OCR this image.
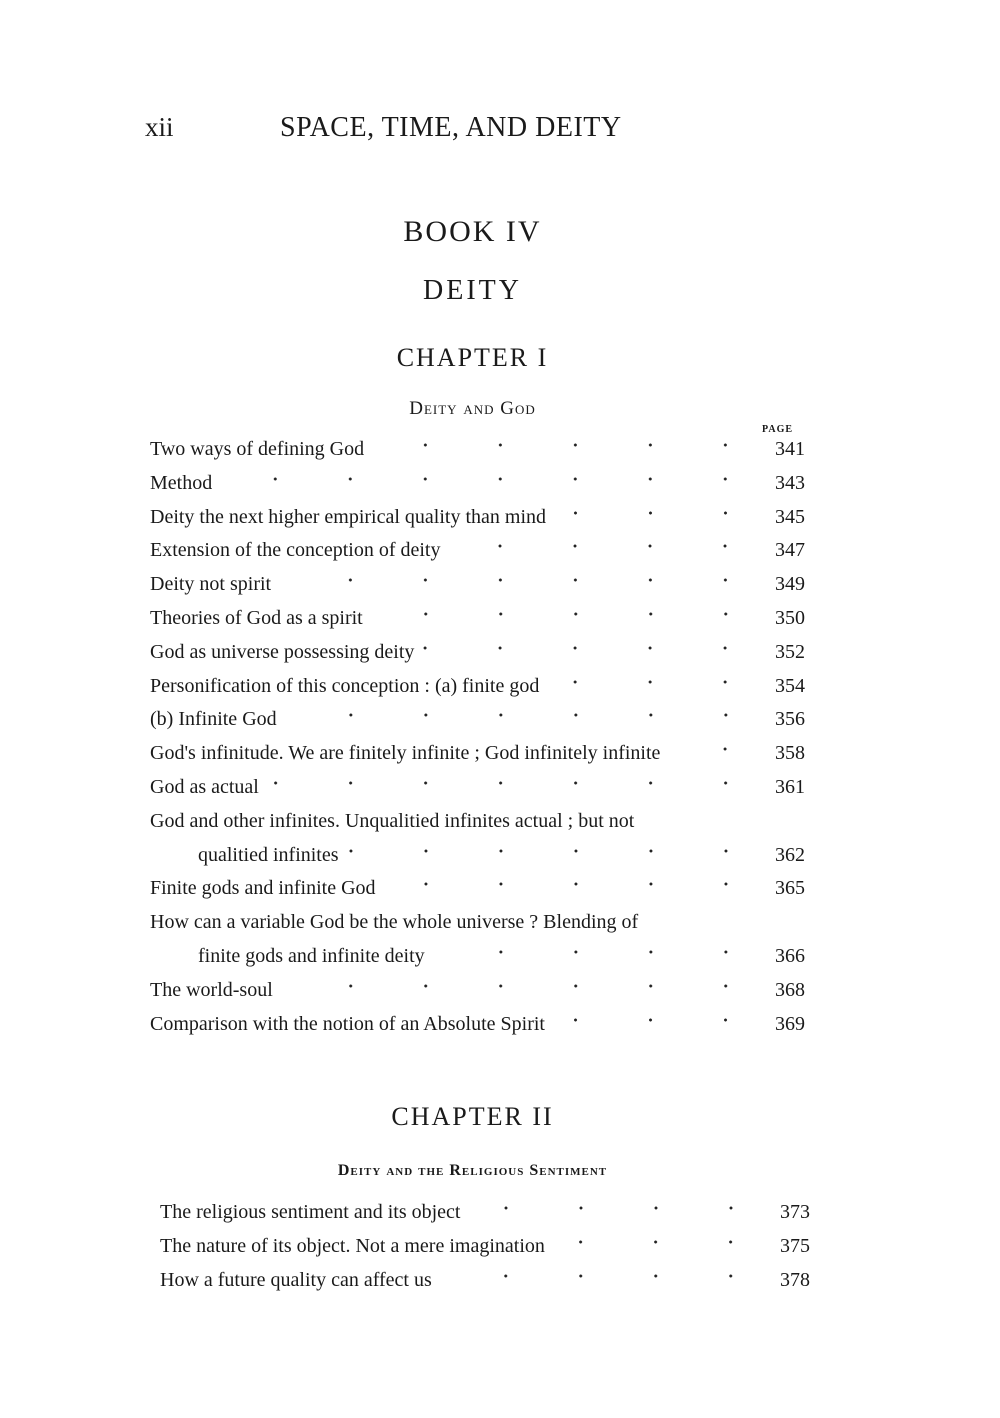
xii	SPACE, TIME, AND DEITY
BOOK IV
DEITY
CHAPTER I
Deity and God
PAGE
Two ways of defining God	341
Method	343
Deity the next higher empirical quality than mind	345
Extension of the conception of deity	347
Deity not spirit	349
Theories of God as a spirit	350
God as universe possessing deity	352
Personification of this conception : (a) finite god	354
(b) Infinite God	356
God's infinitude. We are finitely infinite ; God infinitely infinite	358
God as actual	361
God and other infinites. Unqualitied infinites actual ; but not
qualitied infinites	362
Finite gods and infinite God	365
How can a variable God be the whole universe ? Blending of
finite gods and infinite deity	366
The world-soul	368
Comparison with the notion of an Absolute Spirit	369
CHAPTER II
Deity and the Religious Sentiment
The religious sentiment and its object	373
The nature of its object. Not a mere imagination	375
How a future quality can affect us	378
